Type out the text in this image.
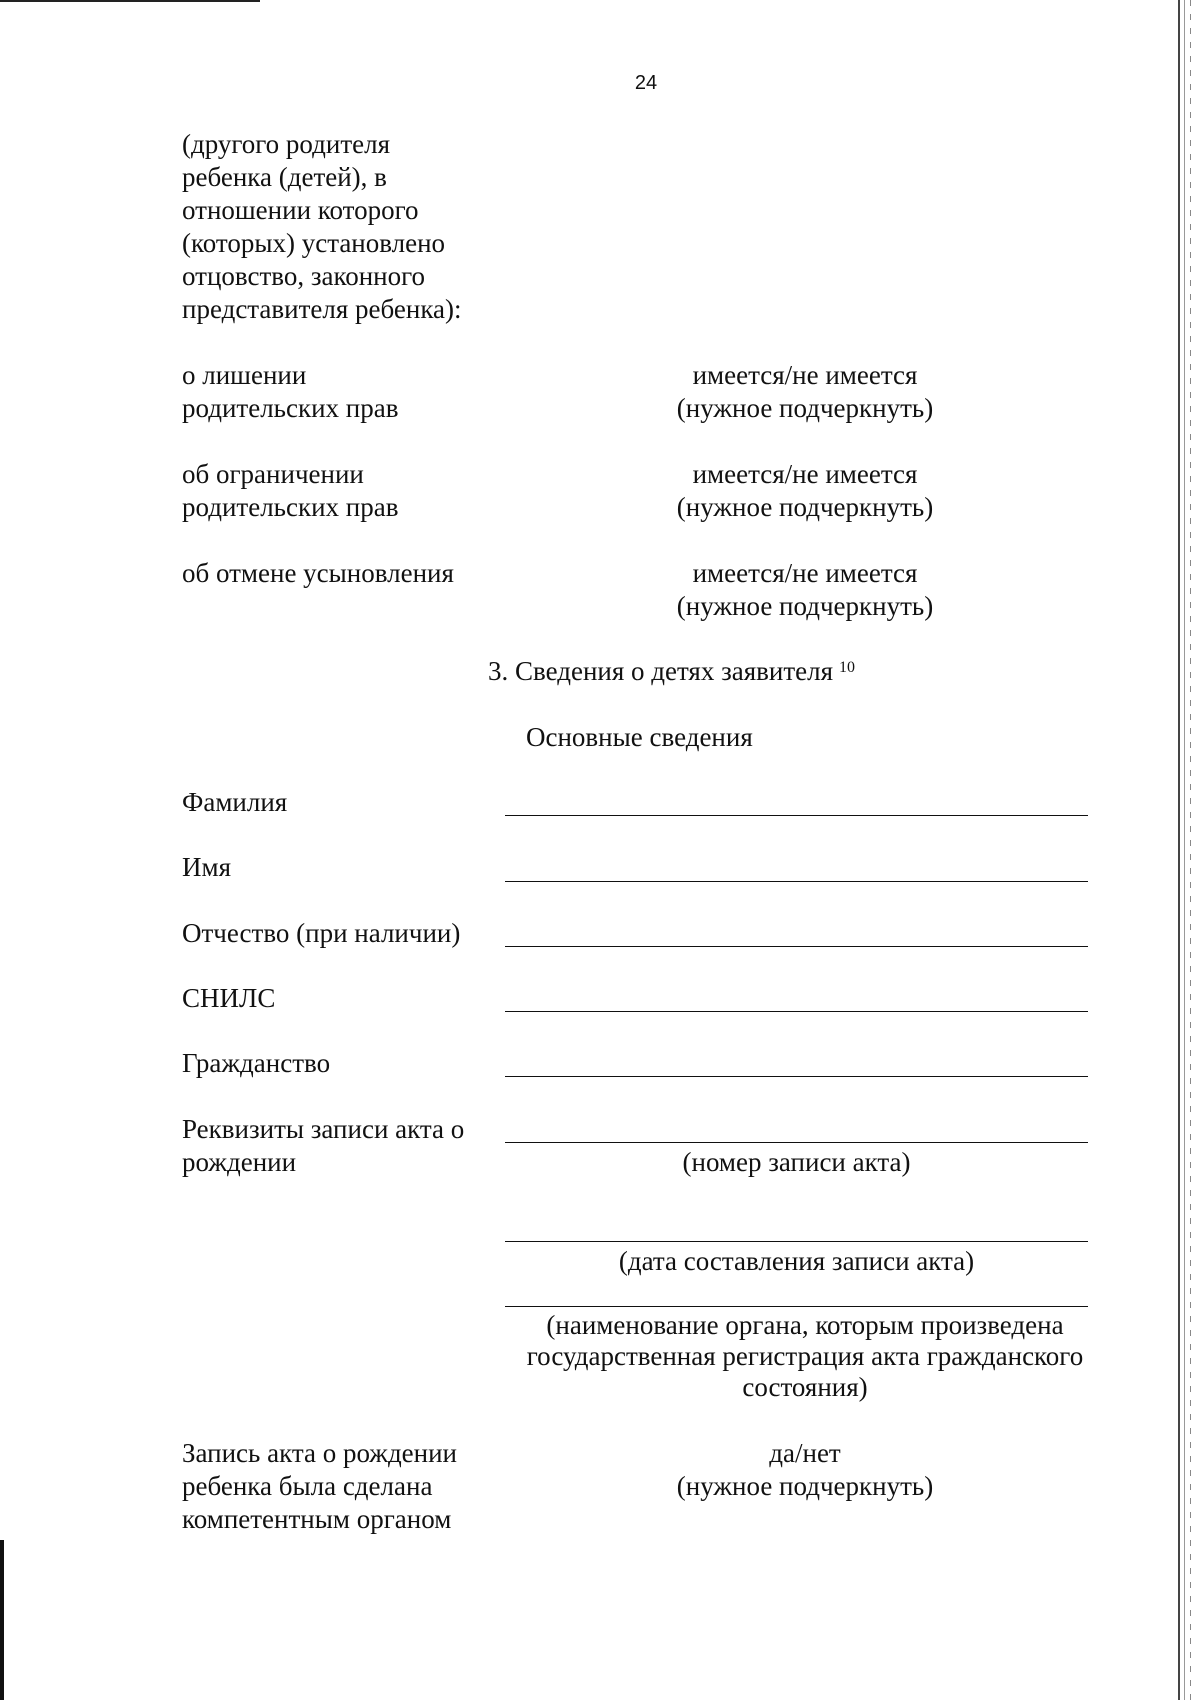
24
(другого родителя
ребенка (детей), в
отношении которого
(которых) установлено
отцовство, законного
представителя ребенка):
о лишении
родительских прав
имеется/не имеется
(нужное подчеркнуть)
об ограничении
родительских прав
имеется/не имеется
(нужное подчеркнуть)
об отмене усыновления	имеется/не имеется
(нужное подчеркнуть)
3. Сведения о детях заявителя $^{10}$
Основные сведения
Фамилия
Имя
Отчество (при наличии)
СНИЛС
Гражданство
Реквизиты записи акта о
рождении	(номер записи акта)
(дата составления записи акта)
(наименование органа, которым произведена
государственная регистрация акта гражданского
состояния)
Запись акта о рождении
ребенка была сделана
компетентным органом
да/нет
(нужное подчеркнуть)
